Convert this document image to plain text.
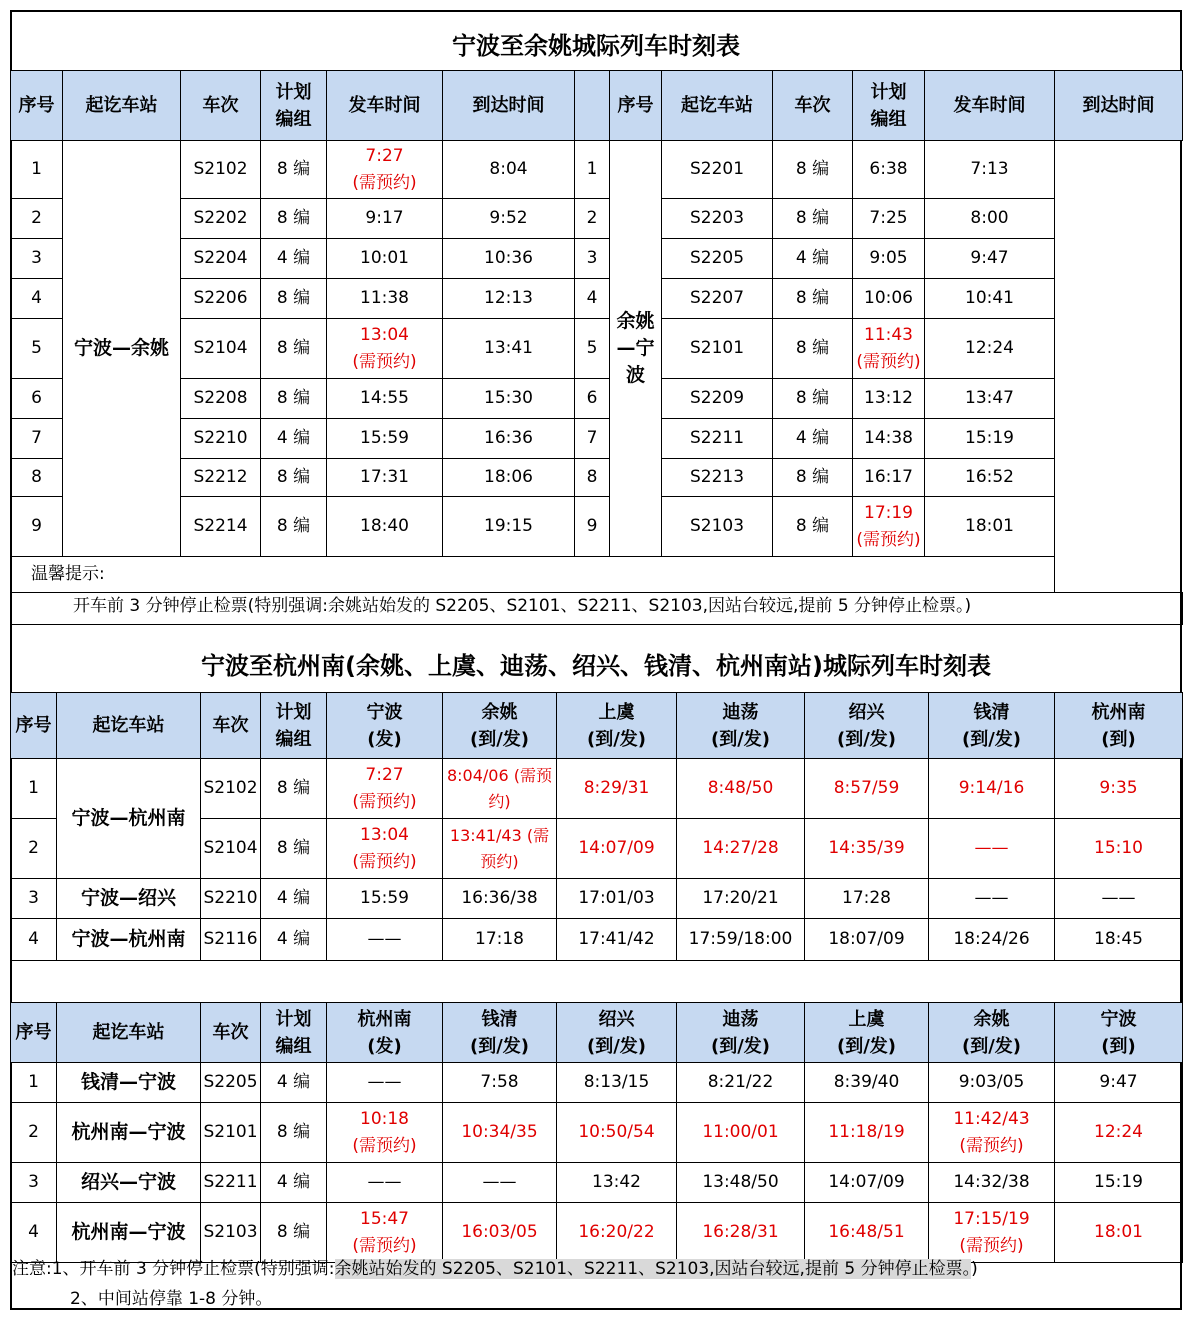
宁波至余姚城际列车时刻表
序号	起讫车站	车次	计划
编组	发车时间	到达时间		序号	起讫车站	车次	计划
编组	发车时间	到达时间
1	宁波—余姚	S2102	8 编	7:27
(需预约)	8:04	1	余姚—宁波	S2201	8 编	6:38	7:13	
2		S2202	8 编	9:17	9:52	2		S2203	8 编	7:25	8:00	
3		S2204	4 编	10:01	10:36	3		S2205	4 编	9:05	9:47	
4		S2206	8 编	11:38	12:13	4		S2207	8 编	10:06	10:41	
5		S2104	8 编	13:04
(需预约)	13:41	5		S2101	8 编	11:43
(需预约)	12:24	
6		S2208	8 编	14:55	15:30	6		S2209	8 编	13:12	13:47	
7		S2210	4 编	15:59	16:36	7		S2211	4 编	14:38	15:19	
8		S2212	8 编	17:31	18:06	8		S2213	8 编	16:17	16:52	
9		S2214	8 编	18:40	19:15	9		S2103	8 编	17:19
(需预约)	18:01	
温馨提示:												
开车前 3 分钟停止检票(特别强调:余姚站始发的 S2205、S2101、S2211、S2103,因站台较远,提前 5 分钟停止检票。)												
宁波至杭州南(余姚、上虞、迪荡、绍兴、钱清、杭州南站)城际列车时刻表
序号	起讫车站	车次	计划
编组	宁波
(发)	余姚
(到/发)	上虞
(到/发)	迪荡
(到/发)	绍兴
(到/发)	钱清
(到/发)	杭州南
(到)
1	宁波—杭州南	S2102	8 编	7:27
(需预约)	8:04/06 (需预约)	8:29/31	8:48/50	8:57/59	9:14/16	9:35
2		S2104	8 编	13:04
(需预约)	13:41/43 (需预约)	14:07/09	14:27/28	14:35/39	——	15:10
3	宁波—绍兴	S2210	4 编	15:59	16:36/38	17:01/03	17:20/21	17:28	——	——
4	宁波—杭州南	S2116	4 编	——	17:18	17:41/42	17:59/18:00	18:07/09	18:24/26	18:45

序号	起讫车站	车次	计划
编组	杭州南
(发)	钱清
(到/发)	绍兴
(到/发)	迪荡
(到/发)	上虞
(到/发)	余姚
(到/发)	宁波
(到)
1	钱清—宁波	S2205	4 编	——	7:58	8:13/15	8:21/22	8:39/40	9:03/05	9:47
2	杭州南—宁波	S2101	8 编	10:18
(需预约)	10:34/35	10:50/54	11:00/01	11:18/19	11:42/43
(需预约)	12:24
3	绍兴—宁波	S2211	4 编	——	——	13:42	13:48/50	14:07/09	14:32/38	15:19
4	杭州南—宁波	S2103	8 编	15:47
(需预约)	16:03/05	16:20/22	16:28/31	16:48/51	17:15/19
(需预约)	18:01
注意:1、开车前 3 分钟停止检票(特别强调:余姚站始发的 S2205、S2101、S2211、S2103,因站台较远,提前 5 分钟停止检票。)
2、中间站停靠 1-8 分钟。
